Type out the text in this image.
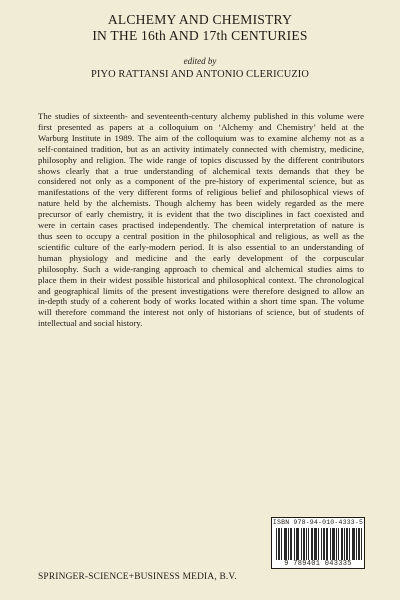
ALCHEMY AND CHEMISTRY
IN THE 16th AND 17th CENTURIES
edited by
PIYO RATTANSI AND ANTONIO CLERICUZIO
The studies of sixteenth- and seventeenth-century alchemy published in this volume were
first presented as papers at a colloquium on ‘Alchemy and Chemistry’ held at the
Warburg Institute in 1989. The aim of the colloquium was to examine alchemy not as a
self-contained tradition, but as an activity intimately connected with chemistry, medicine,
philosophy and religion. The wide range of topics discussed by the different contributors
shows clearly that a true understanding of alchemical texts demands that they be
considered not only as a component of the pre-history of experimental science, but as
manifestations of the very different forms of religious belief and philosophical views of
nature held by the alchemists. Though alchemy has been widely regarded as the mere
precursor of early chemistry, it is evident that the two disciplines in fact coexisted and
were in certain cases practised independently. The chemical interpretation of nature is
thus seen to occupy a central position in the philosophical and religious, as well as the
scientific culture of the early-modern period. It is also essential to an understanding of
human physiology and medicine and the early development of the corpuscular
philosophy. Such a wide-ranging approach to chemical and alchemical studies aims to
place them in their widest possible historical and philosophical context. The chronological
and geographical limits of the present investigations were therefore designed to allow an
in-depth study of a coherent body of works located within a short time span. The volume
will therefore command the interest not only of historians of science, but of students of
intellectual and social history.
ISBN 978-94-010-4333-5
9 789401 043335
SPRINGER-SCIENCE+BUSINESS MEDIA, B.V.
